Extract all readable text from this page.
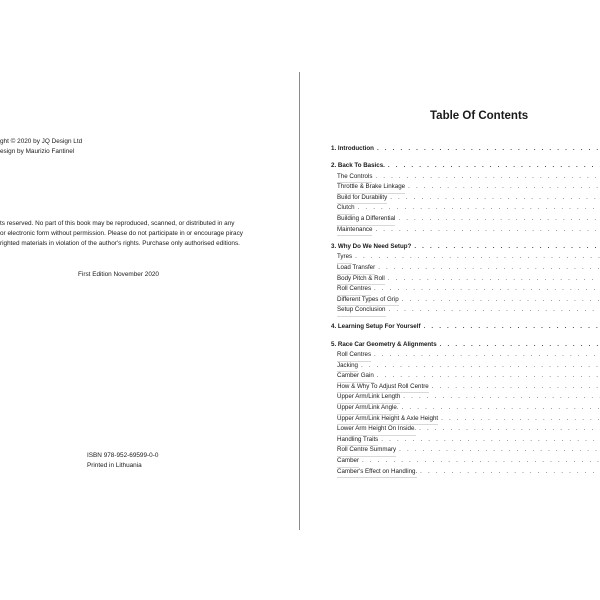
ght © 2020 by JQ Design Ltd
esign by Maurizio Fantinel
ts reserved. No part of this book may be reproduced, scanned, or distributed in any
or electronic form without permission. Please do not participate in or encourage piracy
righted materials in violation of the author's rights. Purchase only authorised editions.
First Edition November 2020
ISBN 978-952-69599-0-0
Printed in Lithuania
Table Of Contents
1. Introduction
. . .
2. Back To Basics.
. . .
The Controls
. . .
Throttle & Brake Linkage
. . .
Build for Durability
. . .
Clutch
. . .
Building a Differential
. . .
Maintenance
. . .
3. Why Do We Need Setup?
. . .
Tyres
. . .
Load Transfer
. . .
Body Pitch & Roll
. . .
Roll Centres
. . .
Different Types of Grip
. . .
Setup Conclusion
. . .
4. Learning Setup For Yourself
. . .
5. Race Car Geometry & Alignments
. . .
Roll Centres
. . .
Jacking
. . .
Camber Gain
. . .
How & Why To Adjust Roll Centre
. . .
Upper Arm/Link Length
. . .
Upper Arm/Link Angle.
. . .
Upper Arm/Link Height & Axle Height
. . .
Lower Arm Height On Inside.
. . .
Handling Traits
. . .
Roll Centre Summary
. . .
Camber
. . .
Camber's Effect on Handling.
. . .
